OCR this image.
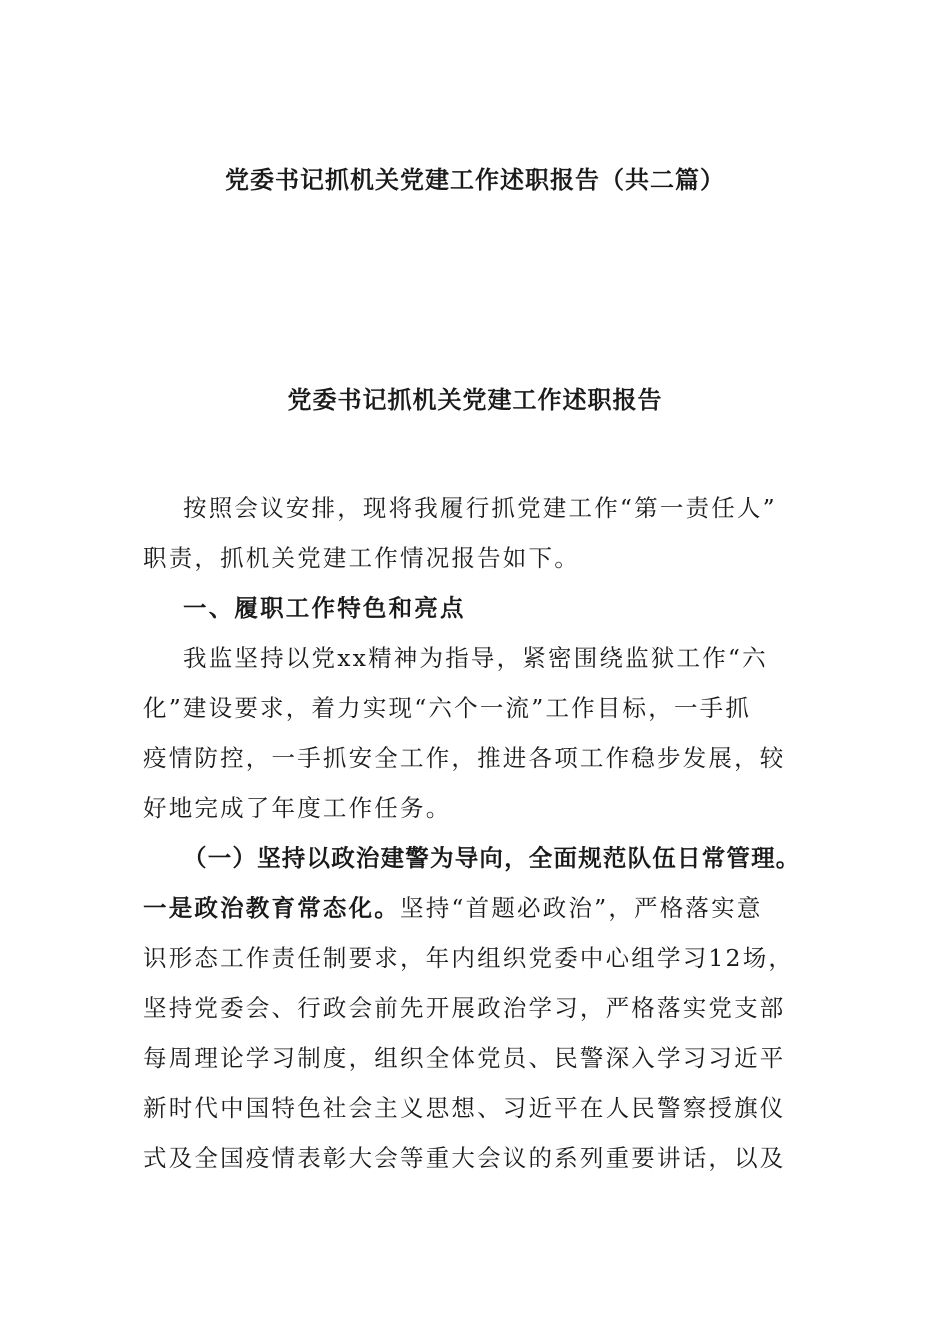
党委书记抓机关党建工作述职报告（共二篇）
党委书记抓机关党建工作述职报告
按照会议安排，现将我履行抓党建工作“第一责任人”
职责，抓机关党建工作情况报告如下。
一、履职工作特色和亮点
我监坚持以党xx精神为指导，紧密围绕监狱工作“六
化”建设要求，着力实现“六个一流”工作目标，一手抓
疫情防控，一手抓安全工作，推进各项工作稳步发展，较
好地完成了年度工作任务。
（一）坚持以政治建警为导向，全面规范队伍日常管理。
一是政治教育常态化。坚持“首题必政治”，严格落实意
识形态工作责任制要求，年内组织党委中心组学习12场，
坚持党委会、行政会前先开展政治学习，严格落实党支部
每周理论学习制度，组织全体党员、民警深入学习习近平
新时代中国特色社会主义思想、习近平在人民警察授旗仪
式及全国疫情表彰大会等重大会议的系列重要讲话，以及
